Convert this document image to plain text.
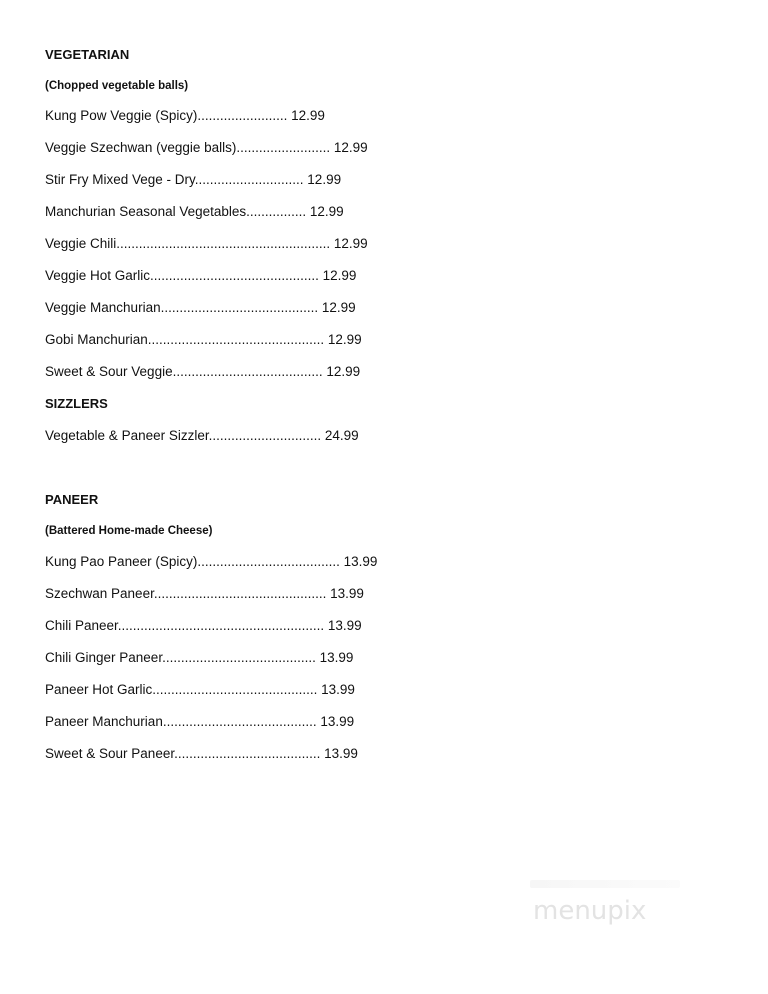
VEGETARIAN
(Chopped vegetable balls)
Kung Pow Veggie (Spicy)........................ 12.99
Veggie Szechwan (veggie balls)......................... 12.99
Stir Fry Mixed Vege - Dry............................. 12.99
Manchurian Seasonal Vegetables................ 12.99
Veggie Chili......................................................... 12.99
Veggie Hot Garlic............................................. 12.99
Veggie Manchurian.......................................... 12.99
Gobi Manchurian............................................... 12.99
Sweet & Sour Veggie........................................ 12.99
SIZZLERS
Vegetable & Paneer Sizzler.............................. 24.99
PANEER
(Battered Home-made Cheese)
Kung Pao Paneer (Spicy)...................................... 13.99
Szechwan Paneer.............................................. 13.99
Chili Paneer....................................................... 13.99
Chili Ginger Paneer......................................... 13.99
Paneer Hot Garlic............................................ 13.99
Paneer Manchurian......................................... 13.99
Sweet & Sour Paneer....................................... 13.99
menupix
